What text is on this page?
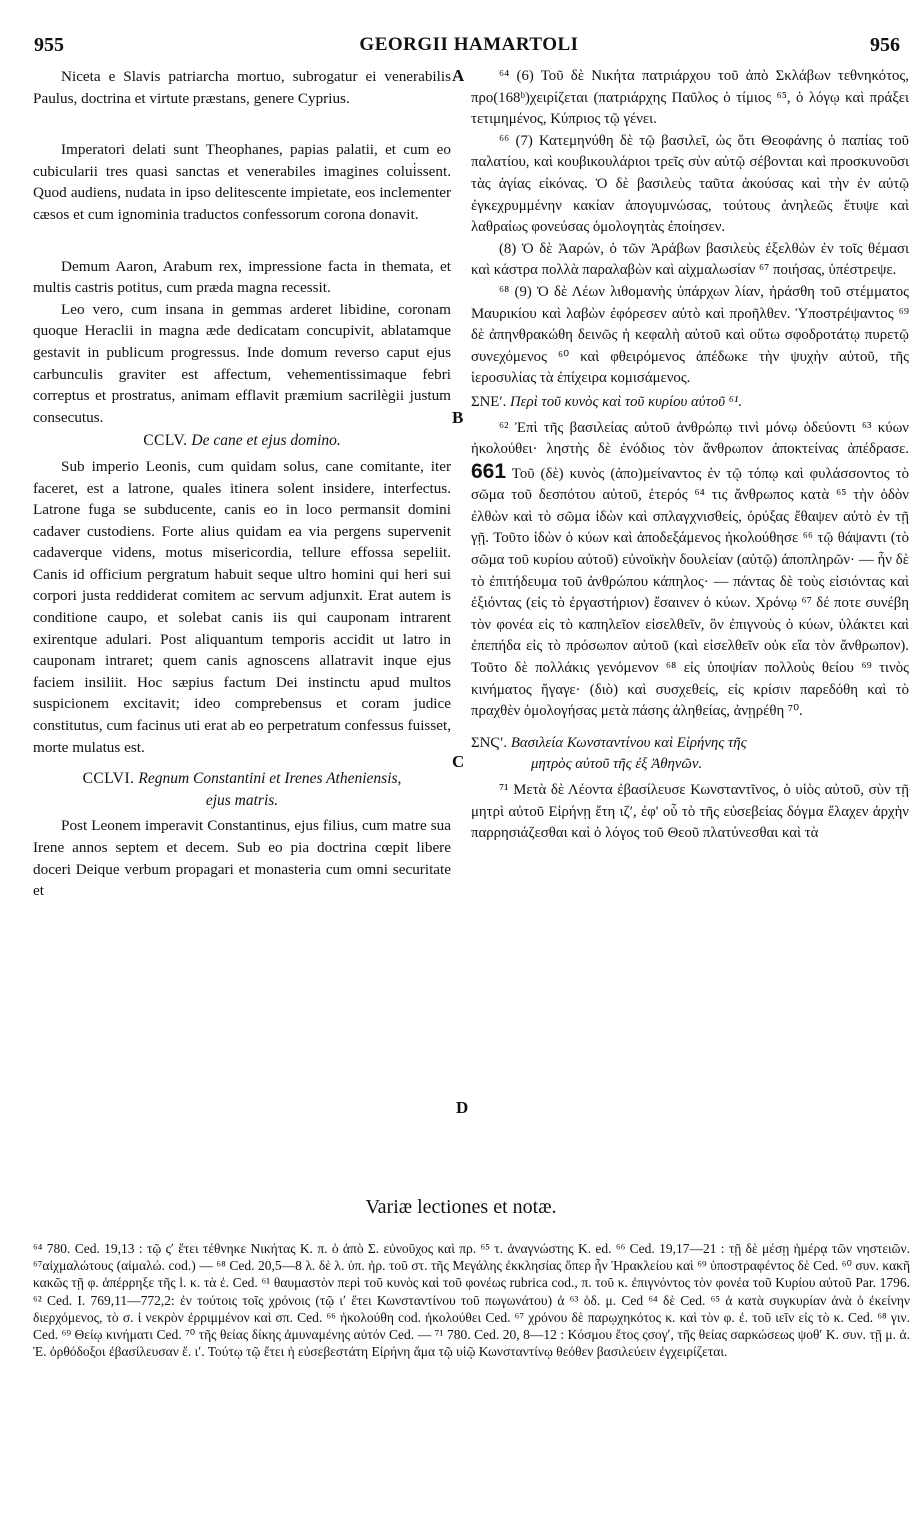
955	GEORGII HAMARTOLI	956
A
B
C
D

Niceta e Slavis patriarcha mortuo, subrogatur ei venerabilis Paulus, doctrina et virtute præstans, genere Cyprius.

Imperatori delati sunt Theophanes, papias palatii, et cum eo cubicularii tres quasi sanctas et venerabiles imagines colui̇ssent. Quod audiens, nudata in ipso delitescente impietate, eos inclementer cæsos et cum ignominia traductos confessorum corona donavit.

Demum Aaron, Arabum rex, impressione facta in themata, et multis castris potitus, cum præda magna recessit.

Leo vero, cum insana in gemmas arderet libidine, coronam quoque Heraclii in magna æde dedicatam concupivit, ablatamque gestavit in publicum progressus. Inde domum reverso caput ejus carbunculis graviter est affectum, vehementissimaque febri correptus et prostratus, animam efflavit præmium sacrilègii justum consecutus.

CCLV. De cane et ejus domino.

Sub imperio Leonis, cum quidam solus, cane comitante, iter faceret, est a latrone, quales itinera solent insidere, interfectus. Latrone fuga se subducente, canis eo in loco permansit domini cadaver custodiens. Forte alius quidam ea via pergens supervenit cadaverque videns, motus misericordia, tellure effossa sepeliit. Canis id officium pergratum habuit seque ultro homini qui heri sui corpori justa reddiderat comitem ac servum adjunxit. Erat autem is conditione caupo, et solebat canis iis qui cauponam intrarent exirentque adulari. Post aliquantum temporis accidit ut latro in cauponam intraret; quem canis agnoscens allatravit inque ejus faciem insiliit. Hoc sæpius factum Dei instinctu apud multos suspicionem excitavit; ideo comprebensus et coram judice constitutus, cum facinus uti erat ab eo perpetratum confessus fuisset, morte mulatus est.

CCLVI. Regnum Constantini et Irenes Atheniensis,
ejus matris.

Post Leonem imperavit Constantinus, ejus filius, cum matre sua Irene annos septem et decem. Sub eo pia doctrina cœpit libere doceri Deique verbum propagari et monasteria cum omni securitate et

⁶⁴ (6) Τοῦ δὲ Νικήτα πατριάρχου τοῦ ἀπὸ Σκλάβων τεθνηκότος, προ(168ᵇ)χειρίζεται (πατριάρχης Παῦλος ὁ τίμιος ⁶⁵, ὁ λόγῳ καὶ πράξει τετιμημένος, Κύπριος τῷ γένει.

⁶⁶ (7) Κατεμηνύθη δὲ τῷ βασιλεῖ, ὡς ὅτι Θεοφάνης ὁ παπίας τοῦ παλατίου, καὶ κουβικουλάριοι τρεῖς σὺν αὐτῷ σέβονται καὶ προσκυνοῦσι τὰς ἁγίας εἰκόνας. Ὁ δὲ βασιλεὺς ταῦτα ἀκούσας καὶ τὴν ἐν αὐτῷ ἐγκεχρυμμένην κακίαν ἀπογυμνώσας, τούτους ἀνηλεῶς ἔτυψε καὶ λαθραίως φονεύσας ὁμολογητὰς ἐποίησεν.

(8) Ὁ δὲ Ἀαρών, ὁ τῶν Ἀράβων βασιλεὺς ἐξελθὼν ἐν τοῖς θέμασι καὶ κάστρα πολλὰ παραλαβὼν καὶ αἰχμαλωσίαν ⁶⁷ ποιήσας, ὑπέστρεψε.

⁶⁸ (9) Ὁ δὲ Λέων λιθομανὴς ὑπάρχων λίαν, ἠράσθη τοῦ στέμματος Μαυρικίου καὶ λαβὼν ἐφόρεσεν αὐτὸ καὶ προῆλθεν. Ὑποστρέψαντος ⁶⁹ δὲ ἀπηνθρακώθη δεινῶς ἡ κεφαλὴ αὐτοῦ καὶ οὕτω σφοδροτάτῳ πυρετῷ συνεχόμενος ⁶⁰ καὶ φθειρόμενος ἀπέδωκε τὴν ψυχὴν αὐτοῦ, τῆς ἱεροσυλίας τὰ ἐπίχειρα κομισάμενος.

ΣΝΕʹ. Περὶ τοῦ κυνὸς καὶ τοῦ κυρίου αὐτοῦ ⁶¹.

⁶² Ἐπὶ τῆς βασιλείας αὐτοῦ ἀνθρώπῳ τινὶ μόνῳ ὁδεύοντι ⁶³ κύων ἠκολούθει· ληστὴς δὲ ἐνόδιος τὸν ἄνθρωπον ἀποκτείνας ἀπέδρασε. 661 Τοῦ (δὲ) κυνὸς (ἀπο)μείναντος ἐν τῷ τόπῳ καὶ φυλάσσοντος τὸ σῶμα τοῦ δεσπότου αὐτοῦ, ἑτερός ⁶⁴ τις ἄνθρωπος κατὰ ⁶⁵ τὴν ὁδὸν ἐλθὼν καὶ τὸ σῶμα ἰδὼν καὶ σπλαγχνισθείς, ὀρύξας ἔθαψεν αὐτὸ ἐν τῇ γῇ. Τοῦτο ἰδὼν ὁ κύων καὶ ἀποδεξάμενος ἠκολούθησε ⁶⁶ τῷ θάψαντι (τὸ σῶμα τοῦ κυρίου αὐτοῦ) εὐνοϊκὴν δουλείαν (αὐτῷ) ἀποπληρῶν· — ἦν δὲ τὸ ἐπιτήδευμα τοῦ ἀνθρώπου κάπηλος· — πάντας δὲ τοὺς εἰσιόντας καὶ ἐξιόντας (εἰς τὸ ἐργαστήριον) ἔσαινεν ὁ κύων. Χρόνῳ ⁶⁷ δέ ποτε συνέβη τὸν φονέα εἰς τὸ καπηλεῖον εἰσελθεῖν, ὃν ἐπιγνοὺς ὁ κύων, ὑλάκτει καὶ ἐπεπήδα εἰς τὸ πρόσωπον αὐτοῦ (καὶ εἰσελθεῖν οὐκ εἴα τὸν ἄνθρωπον). Τοῦτο δὲ πολλάκις γενόμενον ⁶⁸ εἰς ὑποψίαν πολλοὺς θείου ⁶⁹ τινὸς κινήματος ἤγαγε· (διὸ) καὶ συσχεθείς, εἰς κρίσιν παρεδόθη καὶ τὸ πραχθὲν ὁμολογήσας μετὰ πάσης ἀληθείας, ἀνῃρέθη ⁷⁰.

ΣΝϚʹ. Βασιλεία Κωνσταντίνου καὶ Εἰρήνης τῆς
μητρὸς αὐτοῦ τῆς ἐξ Ἀθηνῶν.

⁷¹ Μετὰ δὲ Λέοντα ἐβασίλευσε Κωνσταντῖνος, ὁ υἱὸς αὐτοῦ, σὺν τῇ μητρὶ αὐτοῦ Εἰρήνῃ ἔτη ιζʹ, ἐφ' οὗ τὸ τῆς εὐσεβείας δόγμα ἔλαχεν ἀρχὴν παρρησιάζεσθαι καὶ ὁ λόγος τοῦ Θεοῦ πλατύνεσθαι καὶ τὰ

Variæ lectiones et notæ.
⁶⁴ 780. Ced. 19,13 : τῷ ςʹ ἔτει τέθνηκε Νικήτας Κ. π. ὁ ἀπὸ Σ. εὐνοῦχος καὶ πρ. ⁶⁵ τ. ἀναγνώστης Κ. ed. ⁶⁶ Ced. 19,17—21 : τῇ δὲ μέσῃ ἡμέρᾳ τῶν νηστειῶν. ⁶⁷αἰχμαλώτους (αἰμαλώ. cod.) — ⁶⁸ Ced. 20,5—8 λ. δὲ λ. ὑπ. ἠρ. τοῦ στ. τῆς Μεγάλης ἐκκλησίας ὅπερ ἦν Ἡρακλείου καὶ ⁶⁹ ὑποστραφέντος δὲ Ced. ⁶⁰ συν. κακῆ κακῶς τῇ φ. ἀπέρρηξε τῆς l. κ. τὰ ἐ. Ced. ⁶¹ θαυμαστὸν περὶ τοῦ κυνὸς καὶ τοῦ φονέως rubrica cod., π. τοῦ κ. ἐπιγνόντος τὸν φονέα τοῦ Κυρίου αὐτοῦ Par. 1796. ⁶² Ced. I. 769,11—772,2: ἐν τούτοις τοῖς χρόνοις (τῷ ιʹ ἔτει Κωνσταντίνου τοῦ πωγωνάτου) ἀ ⁶³ ὁδ. μ. Ced ⁶⁴ δὲ Ced. ⁶⁵ ἀ κατὰ συγκυρίαν ἀνὰ ὁ ἐκείνην διερχόμενος, τὸ σ. ἰ νεκρὸν ἐρριμμένον καὶ σπ. Ced. ⁶⁶ ἠκολούθη cod. ἠκολούθει Ced. ⁶⁷ χρόνου δὲ παρῳχηκότος κ. καὶ τὸν φ. ἐ. τοῦ ιεῖν εἰς τὸ κ. Ced. ⁶⁸ γιν. Ced. ⁶⁹ Θείῳ κινήματι Ced. ⁷⁰ τῆς θείας δίκης ἀμυναμένης αὐτόν Ced. — ⁷¹ 780. Ced. 20, 8—12 : Κόσμου ἔτος ςσογʹ, τῆς θείας σαρκώσεως ψοθʹ Κ. συν. τῇ μ. ἀ. Ἐ. ὀρθόδοξοι ἐβασίλευσαν ἔ. ιʹ. Τούτῳ τῷ ἔτει ἡ εὐσεβεστάτη Εἰρήνη ἅμα τῷ υἱῷ Κωνσταντίνῳ θεόθεν βασιλεύειν ἐγχειρίζεται.
